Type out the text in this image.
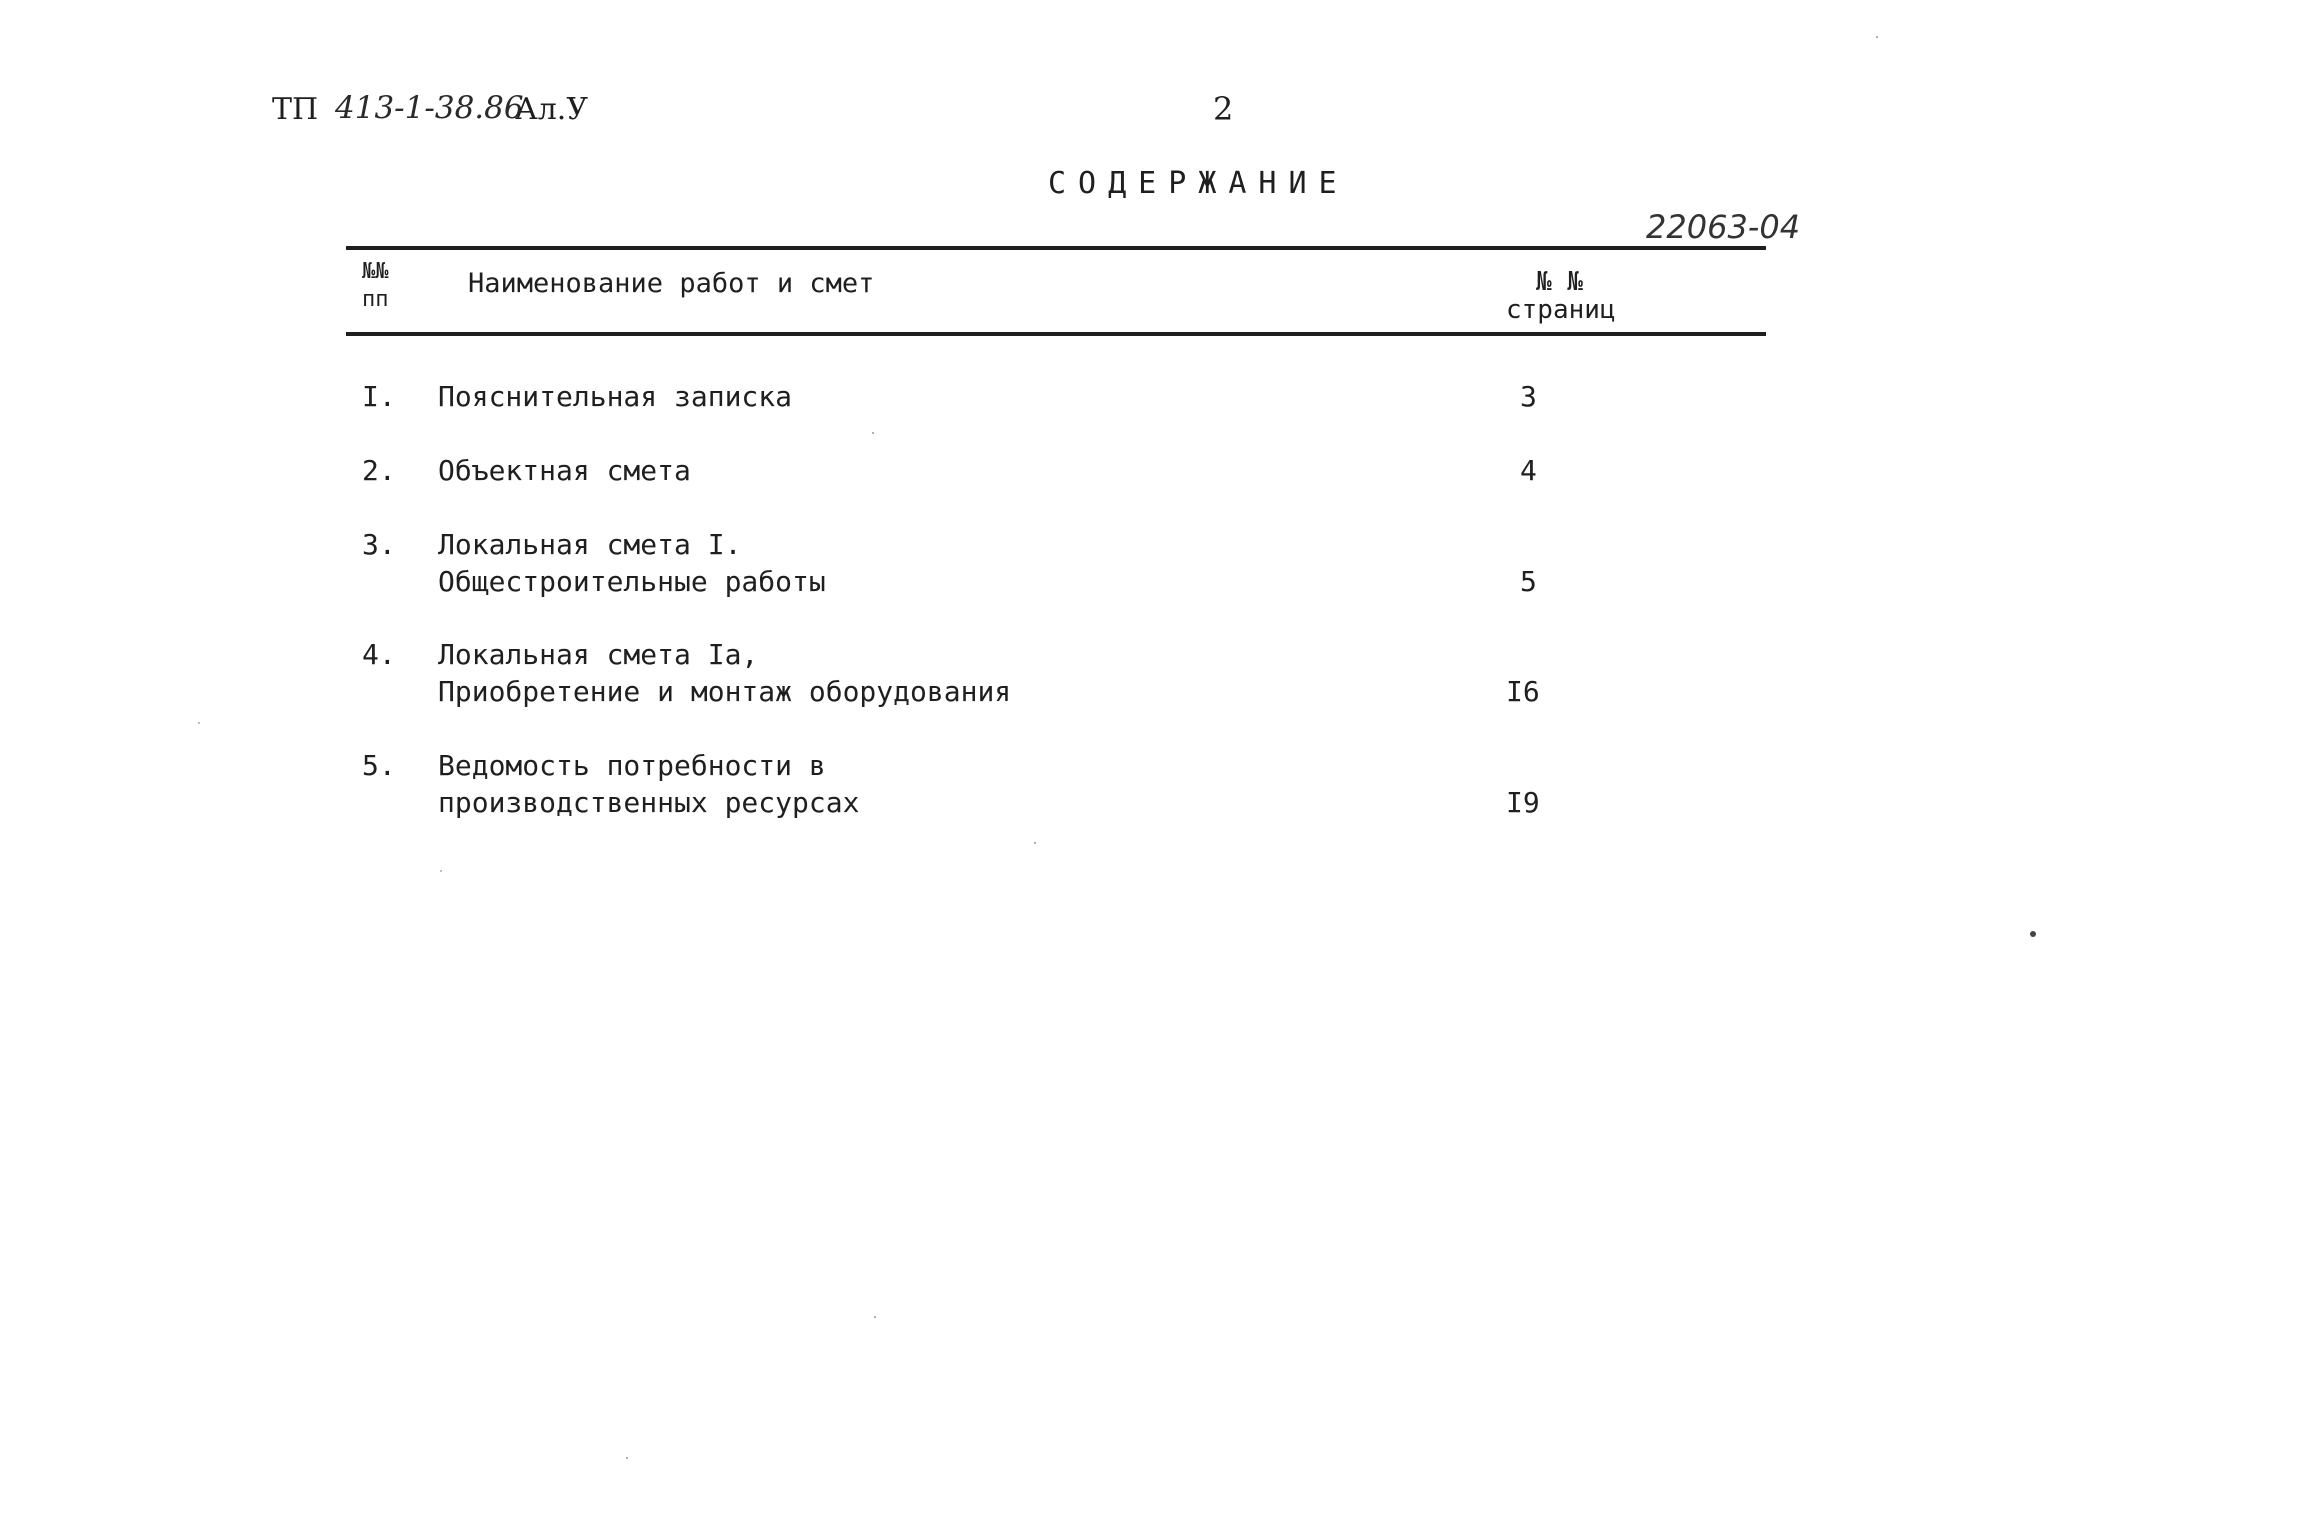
ТП 413-1-38.86
Ал.У	2
СОДЕРЖАНИЕ
22063-04
№№
пп
Наименование работ и смет	№ №
страниц
I. Пояснительная записка	3
2. Объектная смета	4
3. Локальная смета I.
Общестроительные работы	5
4. Локальная смета Iа,
Приобретение и монтаж оборудования	I6
5. Ведомость потребности в
производственных ресурсах	I9
